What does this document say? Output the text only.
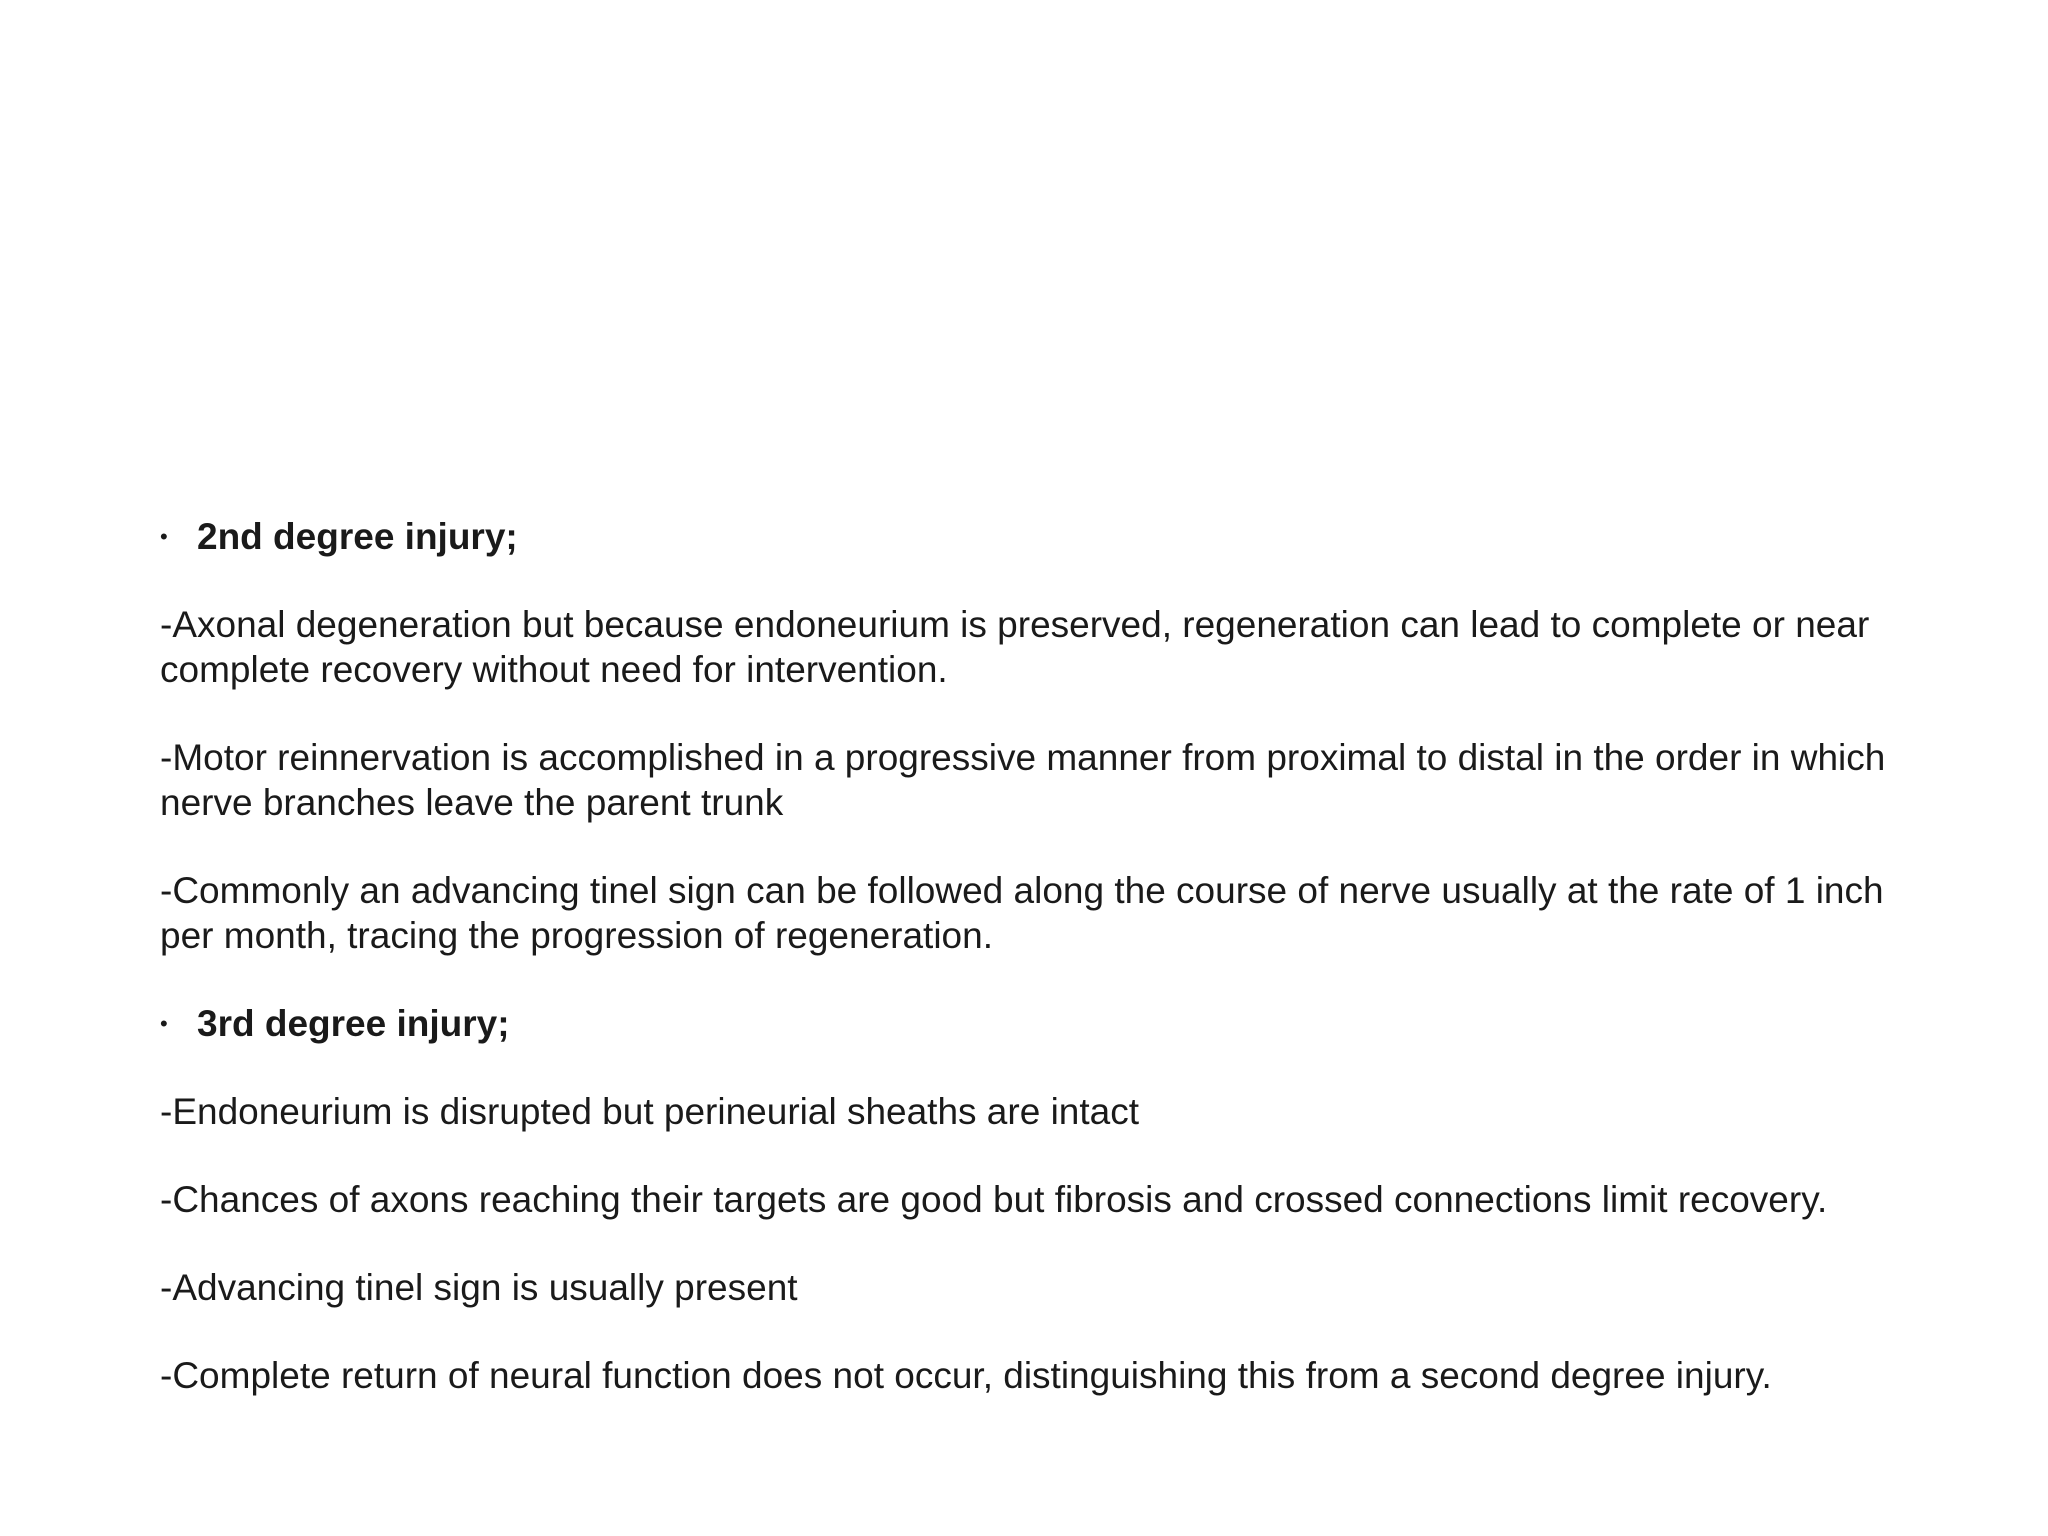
• 2nd degree injury;

-Axonal degeneration but because endoneurium is preserved, regeneration can lead to complete or near complete recovery without need for intervention.

-Motor reinnervation is accomplished in a progressive manner from proximal to distal in the order in which nerve branches leave the parent trunk

-Commonly an advancing tinel sign can be followed along the course of nerve usually at the rate of 1 inch per month, tracing the progression of regeneration.

• 3rd degree injury;

-Endoneurium is disrupted but perineurial sheaths are intact

-Chances of axons reaching their targets are good but fibrosis and crossed connections limit recovery.

-Advancing tinel sign is usually present

-Complete return of neural function does not occur, distinguishing this from a second degree injury.
